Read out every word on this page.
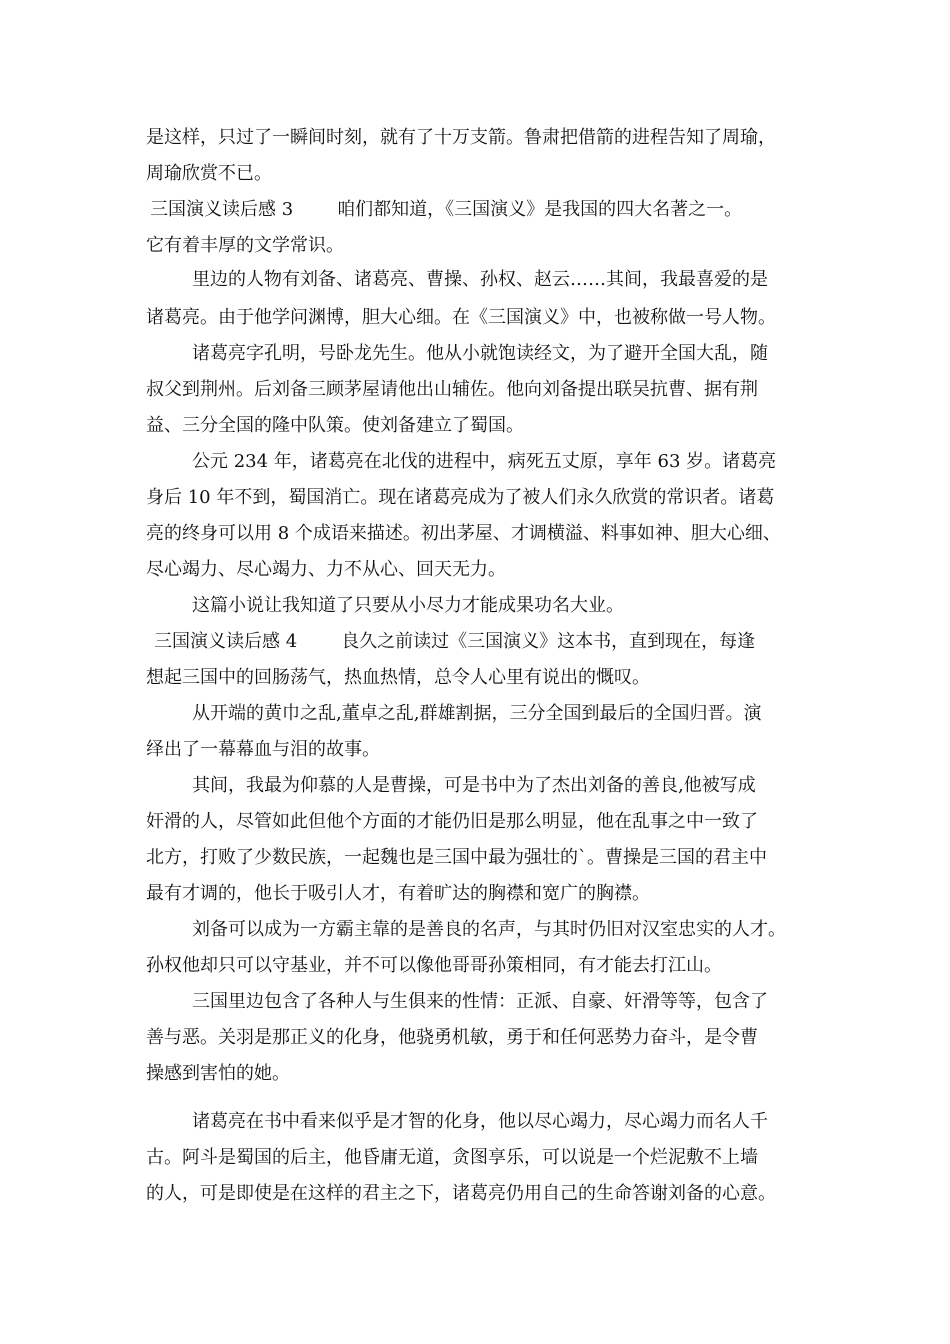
是这样，只过了一瞬间时刻，就有了十万支箭。鲁肃把借箭的进程告知了周瑜，
周瑜欣赏不已。
三国演义读后感 3 咱们都知道，《三国演义》是我国的四大名著之一。
它有着丰厚的文学常识。
里边的人物有刘备、诸葛亮、曹操、孙权、赵云……其间，我最喜爱的是
诸葛亮。由于他学问渊博，胆大心细。在《三国演义》中，也被称做一号人物。
诸葛亮字孔明，号卧龙先生。他从小就饱读经文，为了避开全国大乱，随
叔父到荆州。后刘备三顾茅屋请他出山辅佐。他向刘备提出联吴抗曹、据有荆
益、三分全国的隆中队策。使刘备建立了蜀国。
公元 234 年，诸葛亮在北伐的进程中，病死五丈原，享年 63 岁。诸葛亮
身后 10 年不到，蜀国消亡。现在诸葛亮成为了被人们永久欣赏的常识者。诸葛
亮的终身可以用 8 个成语来描述。初出茅屋、才调横溢、料事如神、胆大心细、
尽心竭力、尽心竭力、力不从心、回天无力。
这篇小说让我知道了只要从小尽力才能成果功名大业。
三国演义读后感 4 良久之前读过《三国演义》这本书，直到现在，每逢
想起三国中的回肠荡气，热血热情，总令人心里有说出的慨叹。
从开端的黄巾之乱,董卓之乱,群雄割据，三分全国到最后的全国归晋。演
绎出了一幕幕血与泪的故事。
其间，我最为仰慕的人是曹操，可是书中为了杰出刘备的善良,他被写成
奸滑的人，尽管如此但他个方面的才能仍旧是那么明显，他在乱事之中一致了
北方，打败了少数民族，一起魏也是三国中最为强壮的`。曹操是三国的君主中
最有才调的，他长于吸引人才，有着旷达的胸襟和宽广的胸襟。
刘备可以成为一方霸主靠的是善良的名声，与其时仍旧对汉室忠实的人才。
孙权他却只可以守基业，并不可以像他哥哥孙策相同，有才能去打江山。
三国里边包含了各种人与生俱来的性情：正派、自豪、奸滑等等，包含了
善与恶。关羽是那正义的化身，他骁勇机敏，勇于和任何恶势力奋斗，是令曹
操感到害怕的她。
诸葛亮在书中看来似乎是才智的化身，他以尽心竭力，尽心竭力而名人千
古。阿斗是蜀国的后主，他昏庸无道，贪图享乐，可以说是一个烂泥敷不上墙
的人，可是即使是在这样的君主之下，诸葛亮仍用自己的生命答谢刘备的心意。
